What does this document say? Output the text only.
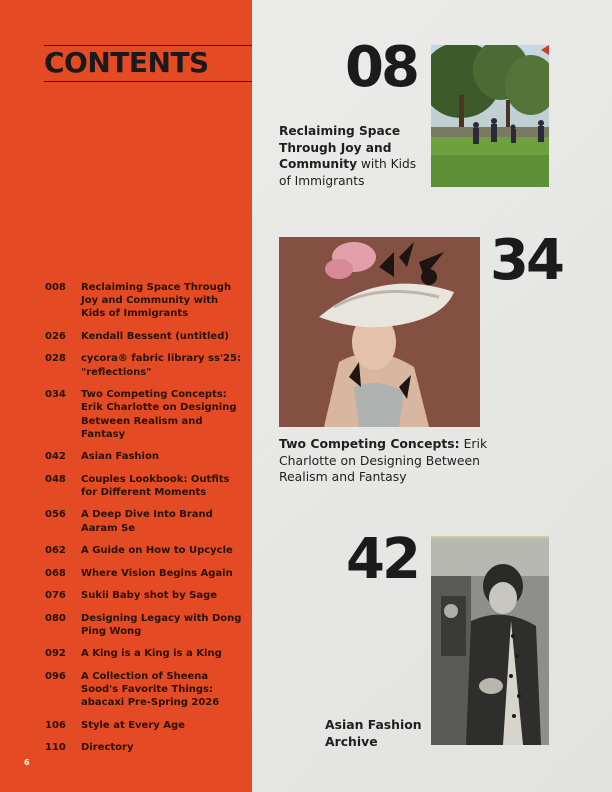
CONTENTS
008	Reclaiming Space Through Joy and Community with Kids of Immigrants
026	Kendall Bessent (untitled)
028	cycora® fabric library ss'25: "reflections"
034	Two Competing Concepts: Erik Charlotte on Designing Between Realism and Fantasy
042	Asian Fashion
048	Couples Lookbook: Outfits for Different Moments
056	A Deep Dive Into Brand Aaram Se
062	A Guide on How to Upcycle
068	Where Vision Begins Again
076	Sukii Baby shot by Sage
080	Designing Legacy with Dong Ping Wong
092	A King is a King is a King
096	A Collection of Sheena Sood's Favorite Things: abacaxi Pre-Spring 2026
106	Style at Every Age
110	Directory
6
08
Reclaiming Space Through Joy and Community with Kids of Immigrants
34
Two Competing Concepts: Erik Charlotte on Designing Between Realism and Fantasy
42
Asian Fashion Archive
